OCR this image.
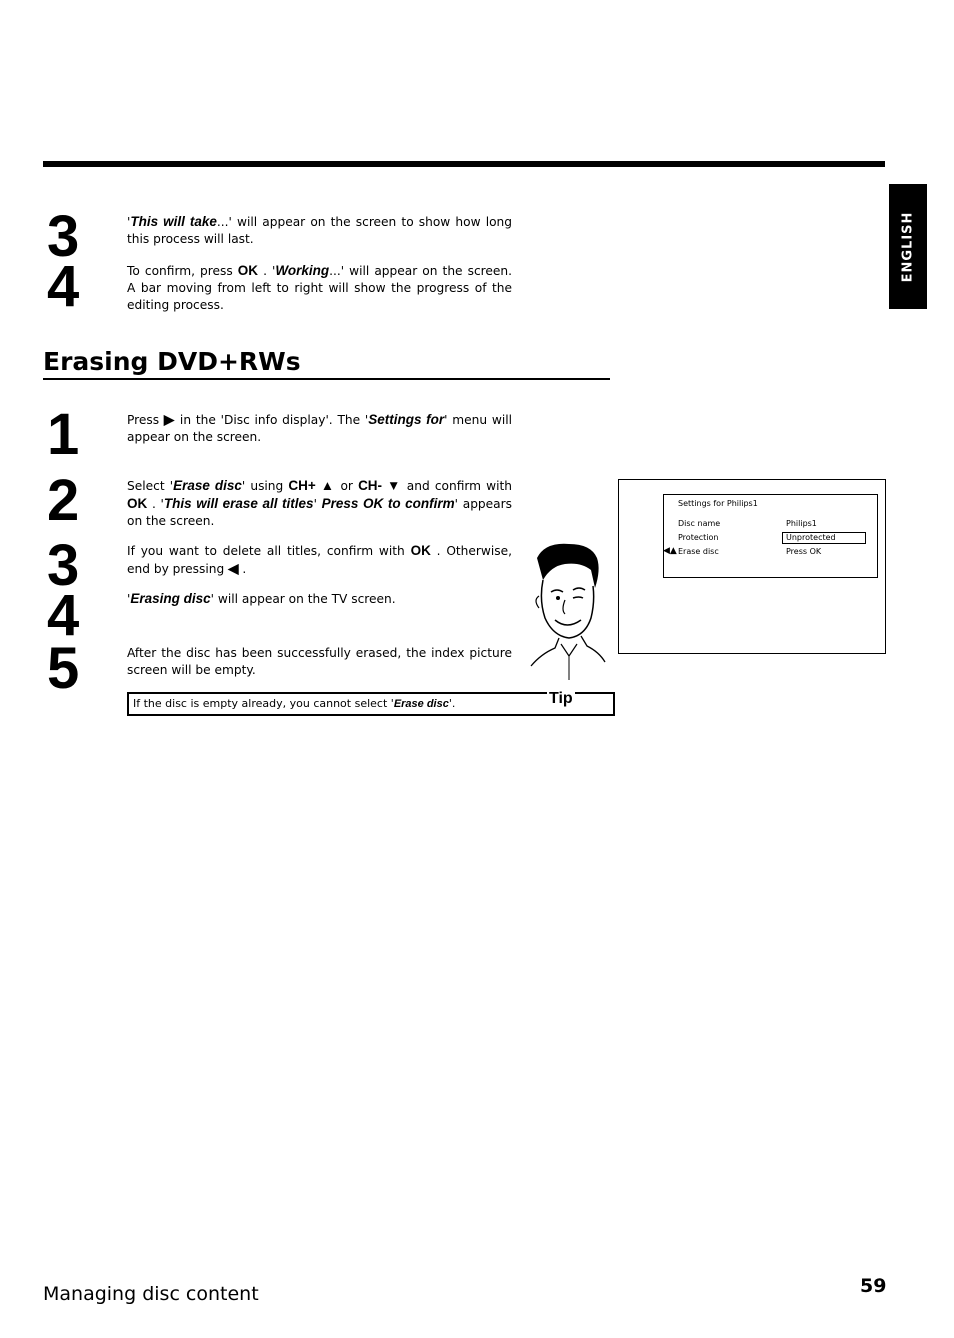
ENGLISH
3
4
'This will take...' will appear on the screen to show how long this process will last.
To confirm, press OK . 'Working...' will appear on the screen. A bar moving from left to right will show the progress of the editing process.
Erasing DVD+RWs
1
2
3
4
5
Press ▶ in the 'Disc info display'. The 'Settings for' menu will appear on the screen.
Select 'Erase disc' using CH+ ▲ or CH- ▼ and confirm with OK . 'This will erase all titles' Press OK to confirm' appears on the screen.
If you want to delete all titles, confirm with OK . Otherwise, end by pressing ◀ .
'Erasing disc' will appear on the TV screen.
After the disc has been successfully erased, the index picture screen will be empty.
If the disc is empty already, you cannot select 'Erase disc'.	Tip
Settings for Philips1
Disc name	Philips1
Protection	Unprotected
Erase disc	Press OK
◀▲
Managing disc content	59
